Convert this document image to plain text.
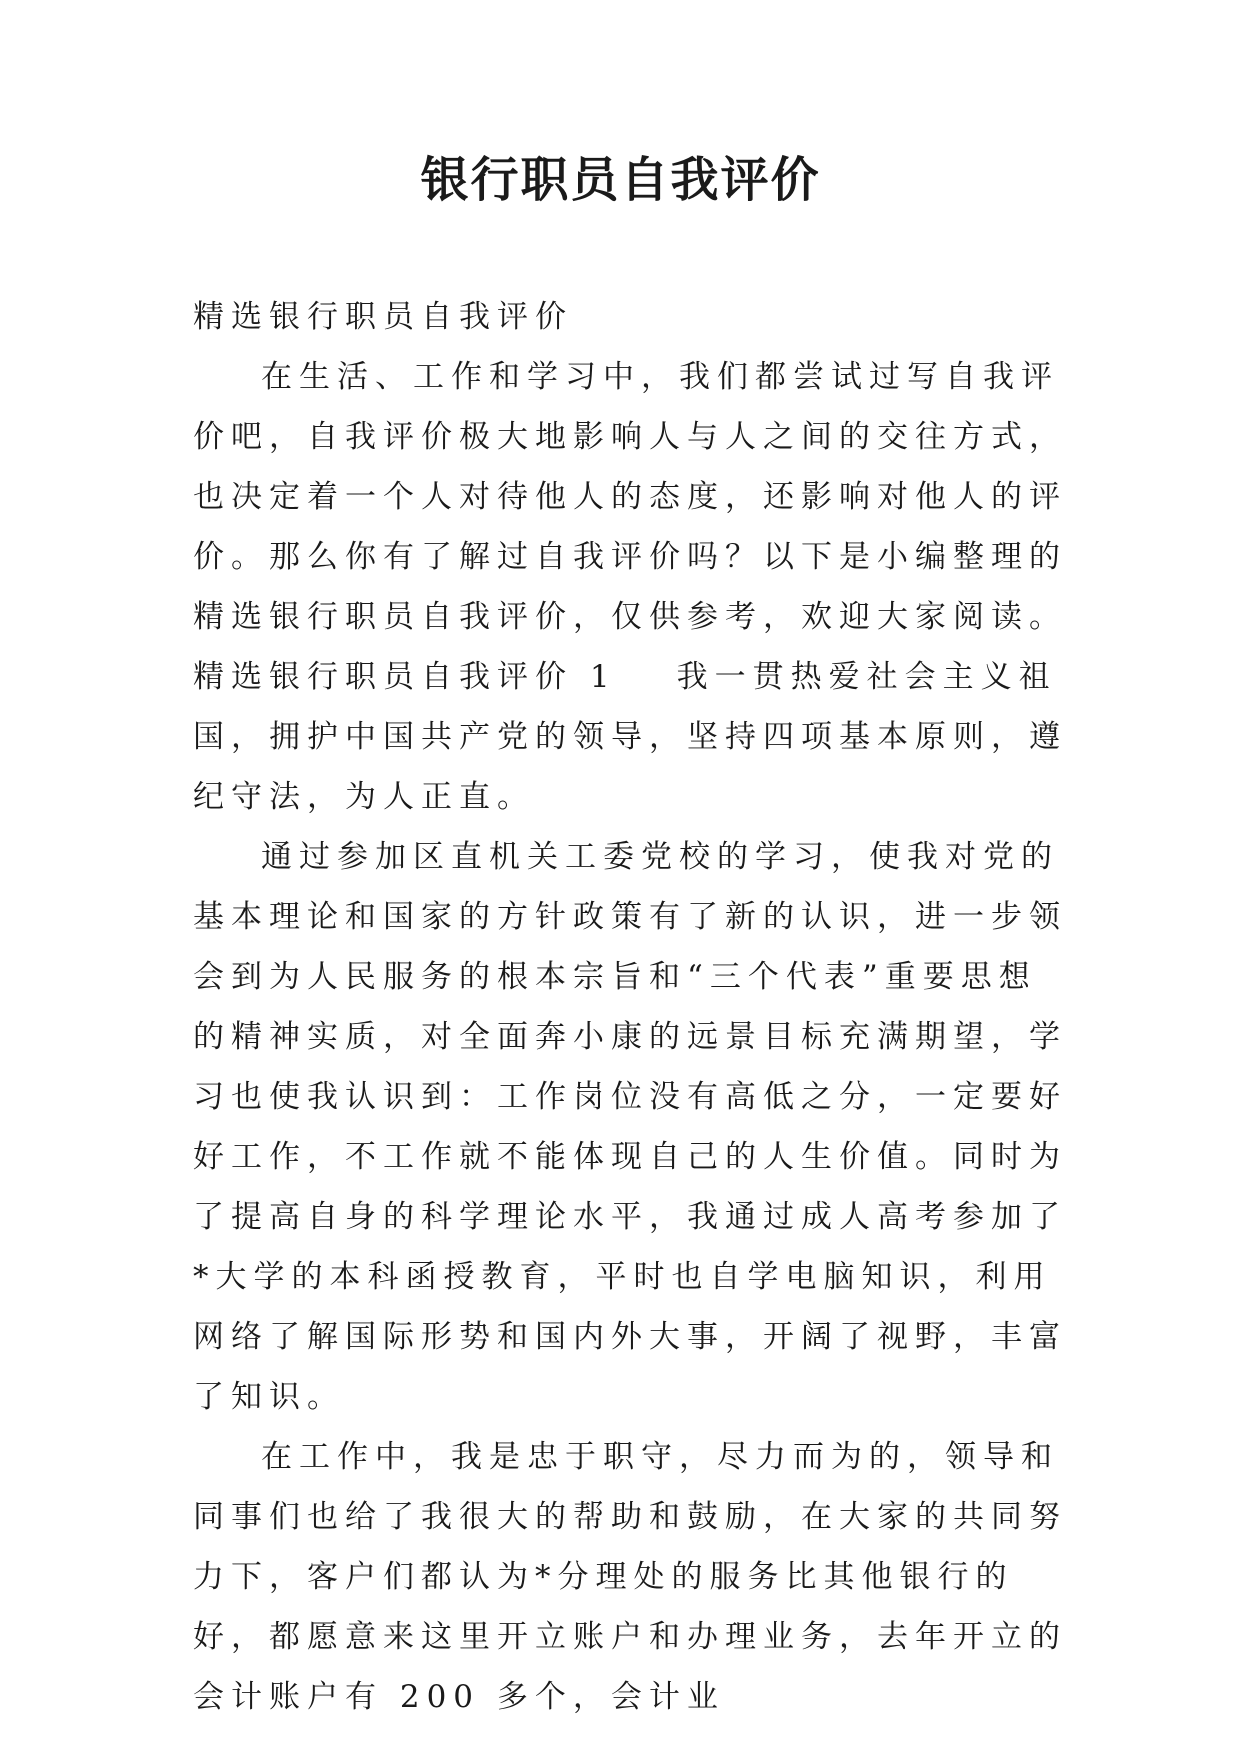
银行职员自我评价

精选银行职员自我评价

在生活、工作和学习中，我们都尝试过写自我评价吧，自我评价极大地影响人与人之间的交往方式，也决定着一个人对待他人的态度，还影响对他人的评价。那么你有了解过自我评价吗？以下是小编整理的精选银行职员自我评价，仅供参考，欢迎大家阅读。

精选银行职员自我评价 1 我一贯热爱社会主义祖国，拥护中国共产党的领导，坚持四项基本原则，遵纪守法，为人正直。

通过参加区直机关工委党校的学习，使我对党的基本理论和国家的方针政策有了新的认识，进一步领会到为人民服务的根本宗旨和“三个代表”重要思想的精神实质，对全面奔小康的远景目标充满期望，学习也使我认识到：工作岗位没有高低之分，一定要好好工作，不工作就不能体现自己的人生价值。同时为了提高自身的科学理论水平，我通过成人高考参加了*大学的本科函授教育，平时也自学电脑知识，利用网络了解国际形势和国内外大事，开阔了视野，丰富了知识。

在工作中，我是忠于职守，尽力而为的，领导和同事们也给了我很大的帮助和鼓励，在大家的共同努力下，客户们都认为*分理处的服务比其他银行的好，都愿意来这里开立账户和办理业务，去年开立的会计账户有 200 多个，会计业
